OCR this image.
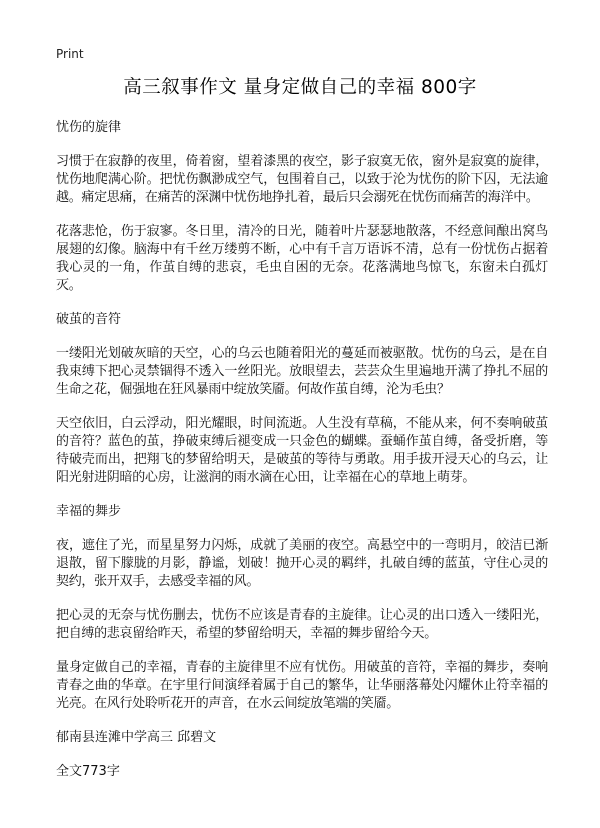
Print
高三叙事作文 量身定做自己的幸福 800字
忧伤的旋律

习惯于在寂静的夜里，倚着窗，望着漆黑的夜空，影子寂寞无依，窗外是寂寞的旋律，忧伤地爬满心阶。把忧伤飘渺成空气，包围着自己，以致于沦为忧伤的阶下囚，无法逾越。痛定思痛，在痛苦的深渊中忧伤地挣扎着，最后只会溺死在忧伤而痛苦的海洋中。

花落悲怆，伤于寂寥。冬日里，清冷的日光，随着叶片瑟瑟地散落，不经意间酿出窝鸟展翅的幻像。脑海中有千丝万缕剪不断，心中有千言万语诉不清，总有一份忧伤占据着我心灵的一角，作茧自缚的悲哀，毛虫自困的无奈。花落满地鸟惊飞，东窗未白孤灯灭。

破茧的音符

一缕阳光划破灰暗的天空，心的乌云也随着阳光的蔓延而被驱散。忧伤的乌云，是在自我束缚下把心灵禁锢得不透入一丝阳光。放眼望去，芸芸众生里遍地开满了挣扎不屈的生命之花，倔强地在狂风暴雨中绽放笑靥。何故作茧自缚，沦为毛虫？

天空依旧，白云浮动，阳光耀眼，时间流逝。人生没有草稿，不能从来，何不奏响破茧的音符？蓝色的茧，挣破束缚后褪变成一只金色的蝴蝶。蚕蛹作茧自缚，备受折磨，等待破壳而出，把翔飞的梦留给明天，是破茧的等待与勇敢。用手拔开浸天心的乌云，让阳光射进阴暗的心房，让滋润的雨水滴在心田，让幸福在心的草地上萌芽。

幸福的舞步

夜，遮住了光，而星星努力闪烁，成就了美丽的夜空。高悬空中的一弯明月，皎洁已渐退散，留下朦胧的月影，静谧，划破！抛开心灵的羁绊，扎破自缚的蓝茧，守住心灵的契约，张开双手，去感受幸福的风。

把心灵的无奈与忧伤删去，忧伤不应该是青春的主旋律。让心灵的出口透入一缕阳光，把自缚的悲哀留给昨天，希望的梦留给明天，幸福的舞步留给今天。

量身定做自己的幸福，青春的主旋律里不应有忧伤。用破茧的音符，幸福的舞步，奏响青春之曲的华章。在宇里行间演绎着属于自己的繁华，让华丽落幕处闪耀休止符幸福的光亮。在风行处聆听花开的声音，在水云间绽放笔端的笑靥。

郁南县连滩中学高三 邱碧文
全文773字
